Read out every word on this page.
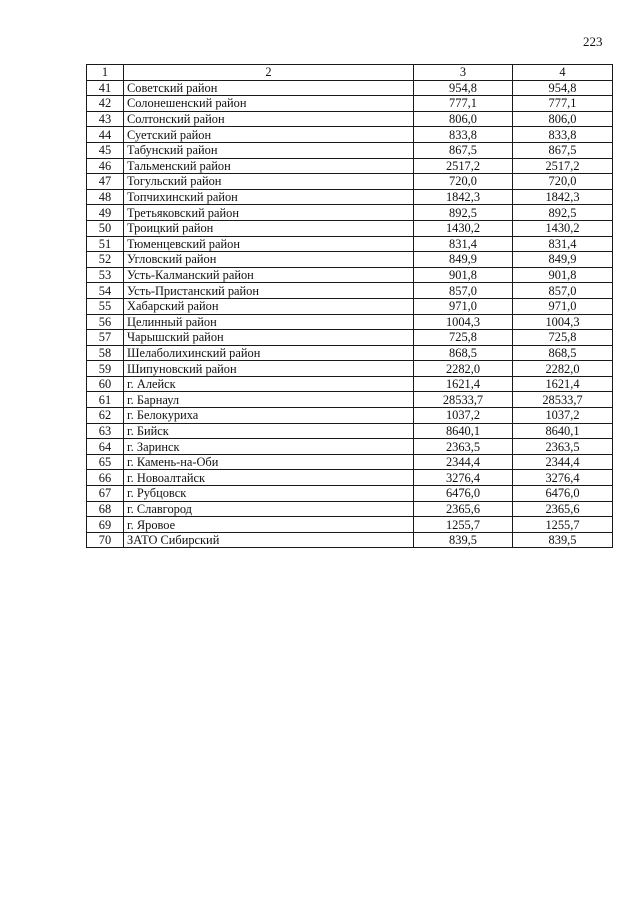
223
1	2	3	4
41	Советский район	954,8	954,8
42	Солонешенский район	777,1	777,1
43	Солтонский район	806,0	806,0
44	Суетский район	833,8	833,8
45	Табунский район	867,5	867,5
46	Тальменский район	2517,2	2517,2
47	Тогульский район	720,0	720,0
48	Топчихинский район	1842,3	1842,3
49	Третьяковский район	892,5	892,5
50	Троицкий район	1430,2	1430,2
51	Тюменцевский район	831,4	831,4
52	Угловский район	849,9	849,9
53	Усть-Калманский район	901,8	901,8
54	Усть-Пристанский район	857,0	857,0
55	Хабарский район	971,0	971,0
56	Целинный район	1004,3	1004,3
57	Чарышский район	725,8	725,8
58	Шелаболихинский район	868,5	868,5
59	Шипуновский район	2282,0	2282,0
60	г. Алейск	1621,4	1621,4
61	г. Барнаул	28533,7	28533,7
62	г. Белокуриха	1037,2	1037,2
63	г. Бийск	8640,1	8640,1
64	г. Заринск	2363,5	2363,5
65	г. Камень-на-Оби	2344,4	2344,4
66	г. Новоалтайск	3276,4	3276,4
67	г. Рубцовск	6476,0	6476,0
68	г. Славгород	2365,6	2365,6
69	г. Яровое	1255,7	1255,7
70	ЗАТО Сибирский	839,5	839,5
